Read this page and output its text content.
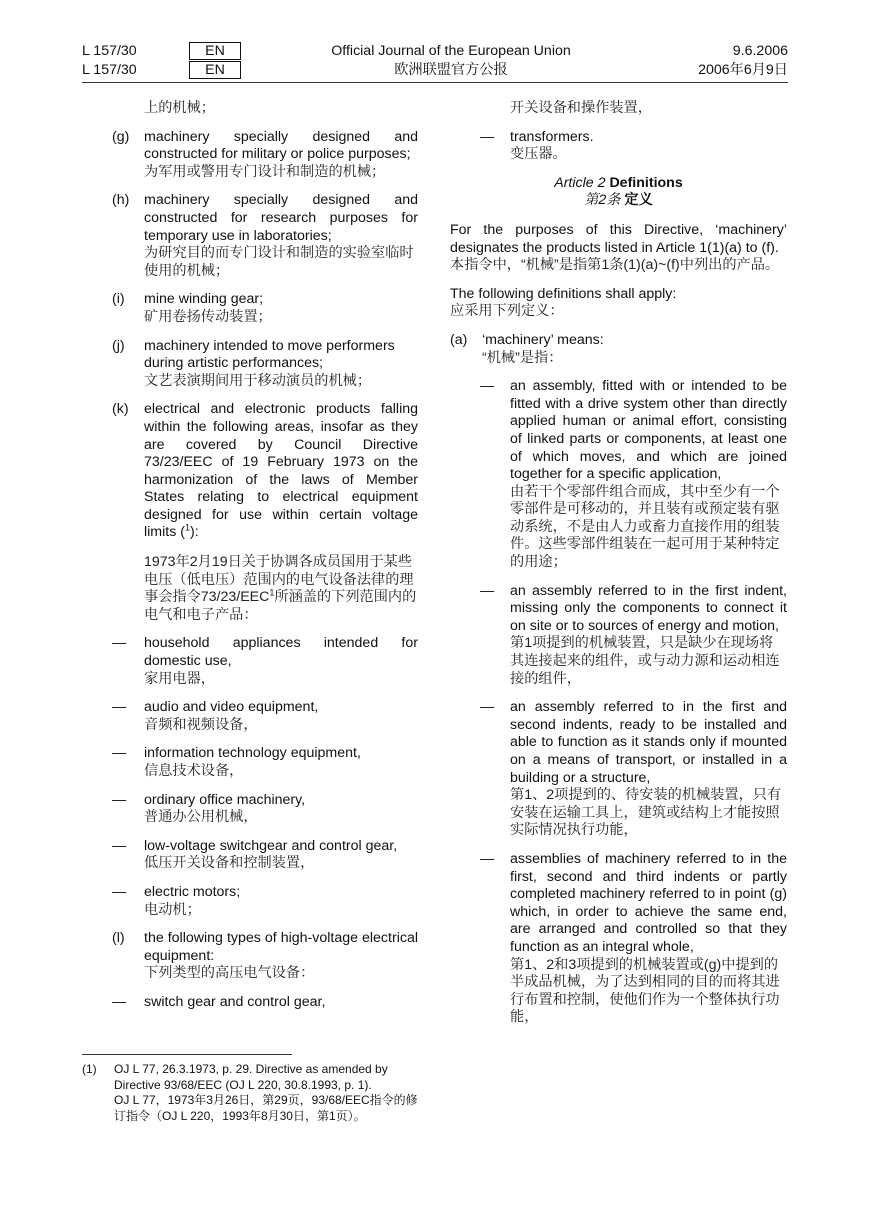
L 157/30
L 157/30
EN
EN
Official Journal of the European Union
欧洲联盟官方公报
9.6.2006
2006年6月9日

上的机械；

(g) machinery specially designed and constructed for military or police purposes;

为军用或警用专门设计和制造的机械；

(h) machinery specially designed and constructed for research purposes for temporary use in laboratories;

为研究目的而专门设计和制造的实验室临时使用的机械；

(i) mine winding gear;

矿用卷扬传动装置；

(j) machinery intended to move performers during artistic performances;

文艺表演期间用于移动演员的机械；

(k) electrical and electronic products falling within the following areas, insofar as they are covered by Council Directive 73/23/EEC of 19 February 1973 on the harmonization of the laws of Member States relating to electrical equipment designed for use within certain voltage limits ($^1$):

1973年2月19日关于协调各成员国用于某些电压（低电压）范围内的电气设备法律的理事会指令73/23/EEC$^1$所涵盖的下列范围内的电气和电子产品：

— household appliances intended for domestic use,

家用电器，

— audio and video equipment,

音频和视频设备，

— information technology equipment,

信息技术设备，

— ordinary office machinery,

普通办公用机械，

— low-voltage switchgear and control gear,

低压开关设备和控制装置，

— electric motors;

电动机；

(l) the following types of high-voltage electrical equipment:

下列类型的高压电气设备：

— switch gear and control gear,

(1) OJ L 77, 26.3.1973, p. 29. Directive as amended by Directive 93/68/EEC (OJ L 220, 30.8.1993, p. 1).

OJ L 77，1973年3月26日，第29页，93/68/EEC指令的修订指令（OJ L 220，1993年8月30日，第1页）。

开关设备和操作装置，

— transformers.

变压器。

Article 2 Definitions

第2条 定义

For the purposes of this Directive, ‘machinery’ designates the products listed in Article 1(1)(a) to (f).

本指令中，“机械”是指第1条(1)(a)~(f)中列出的产品。

The following definitions shall apply:

应采用下列定义：

(a) ‘machinery’ means:

“机械”是指：

— an assembly, fitted with or intended to be fitted with a drive system other than directly applied human or animal effort, consisting of linked parts or components, at least one of which moves, and which are joined together for a specific application,

由若干个零部件组合而成，其中至少有一个零部件是可移动的，并且装有或预定装有驱动系统，不是由人力或畜力直接作用的组装件。这些零部件组装在一起可用于某种特定的用途；

— an assembly referred to in the first indent, missing only the components to connect it on site or to sources of energy and motion,

第1项提到的机械装置，只是缺少在现场将其连接起来的组件，或与动力源和运动相连接的组件，

— an assembly referred to in the first and second indents, ready to be installed and able to function as it stands only if mounted on a means of transport, or installed in a building or a structure,

第1、2项提到的、待安装的机械装置，只有安装在运输工具上，建筑或结构上才能按照实际情况执行功能，

— assemblies of machinery referred to in the first, second and third indents or partly completed machinery referred to in point (g) which, in order to achieve the same end, are arranged and controlled so that they function as an integral whole,

第1、2和3项提到的机械装置或(g)中提到的半成品机械，为了达到相同的目的而将其进行布置和控制，使他们作为一个整体执行功能，
